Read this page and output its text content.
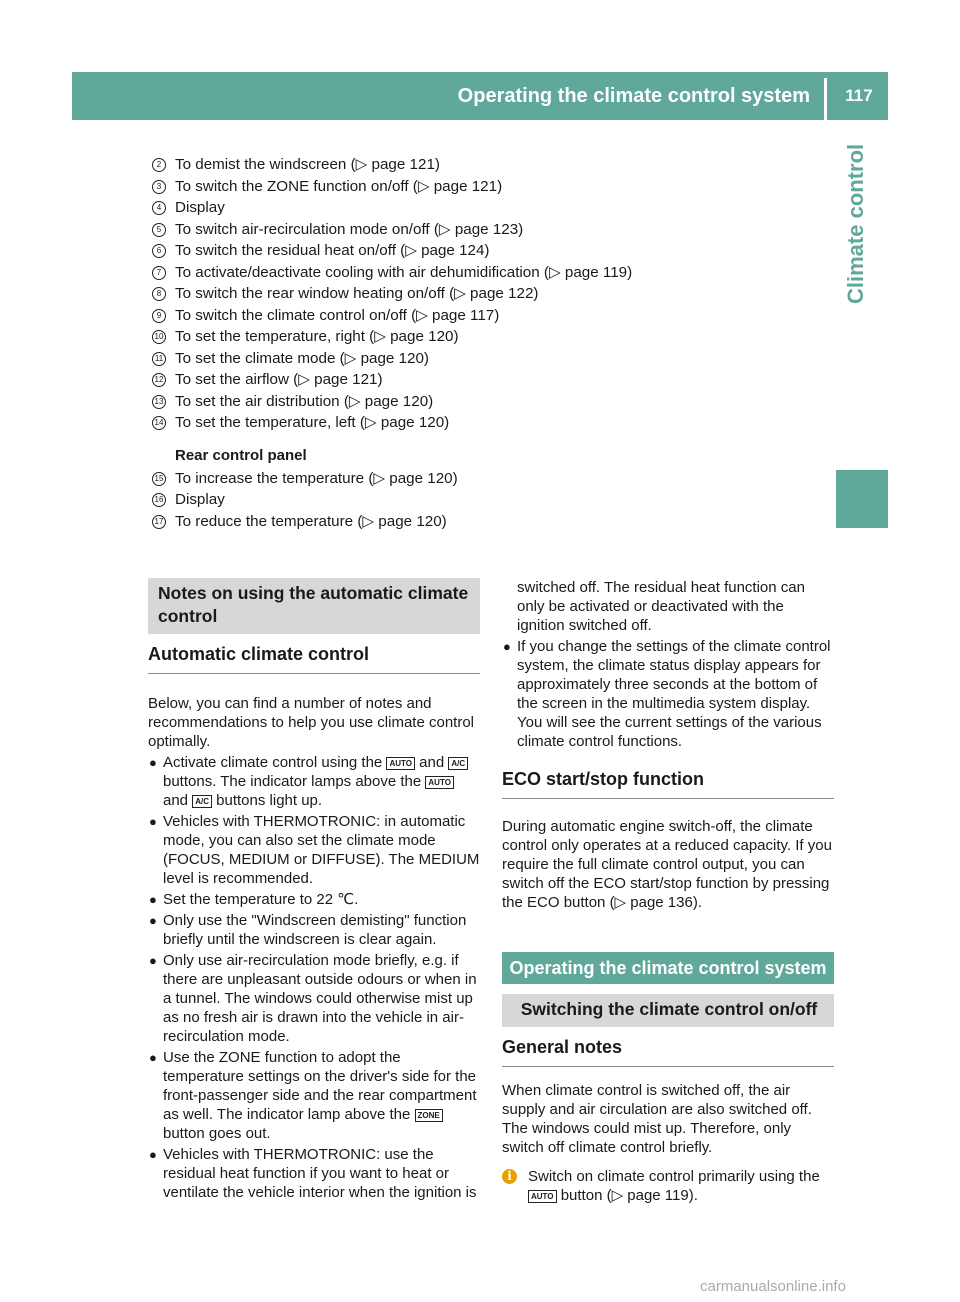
Operating the climate control system	117
Climate control
2 To demist the windscreen (▷ page 121)
3 To switch the ZONE function on/off (▷ page 121)
4 Display
5 To switch air-recirculation mode on/off (▷ page 123)
6 To switch the residual heat on/off (▷ page 124)
7 To activate/deactivate cooling with air dehumidification (▷ page 119)
8 To switch the rear window heating on/off (▷ page 122)
9 To switch the climate control on/off (▷ page 117)
10 To set the temperature, right (▷ page 120)
11 To set the climate mode (▷ page 120)
12 To set the airflow (▷ page 121)
13 To set the air distribution (▷ page 120)
14 To set the temperature, left (▷ page 120)
Rear control panel
15 To increase the temperature (▷ page 120)
16 Display
17 To reduce the temperature (▷ page 120)
Notes on using the automatic climate control
Automatic climate control

Below, you can find a number of notes and recommendations to help you use climate control optimally.

● Activate climate control using the AUTO and A/C buttons. The indicator lamps above the AUTO and A/C buttons light up.
● Vehicles with THERMOTRONIC: in automatic mode, you can also set the climate mode (FOCUS, MEDIUM or DIFFUSE). The MEDIUM level is recommended.
● Set the temperature to 22 ℃.
● Only use the "Windscreen demisting" function briefly until the windscreen is clear again.
● Only use air-recirculation mode briefly, e.g. if there are unpleasant outside odours or when in a tunnel. The windows could otherwise mist up as no fresh air is drawn into the vehicle in air-recirculation mode.
● Use the ZONE function to adopt the temperature settings on the driver's side for the front-passenger side and the rear compartment as well. The indicator lamp above the ZONE button goes out.
● Vehicles with THERMOTRONIC: use the residual heat function if you want to heat or ventilate the vehicle interior when the ignition is

switched off. The residual heat function can only be activated or deactivated with the ignition switched off.

● If you change the settings of the climate control system, the climate status display appears for approximately three seconds at the bottom of the screen in the multimedia system display. You will see the current settings of the various climate control functions.
ECO start/stop function

During automatic engine switch-off, the climate control only operates at a reduced capacity. If you require the full climate control output, you can switch off the ECO start/stop function by pressing the ECO button (▷ page 136).

Operating the climate control system
Switching the climate control on/off
General notes

When climate control is switched off, the air supply and air circulation are also switched off. The windows could mist up. Therefore, only switch off climate control briefly.

i	Switch on climate control primarily using the AUTO button (▷ page 119).
carmanualsonline.info
